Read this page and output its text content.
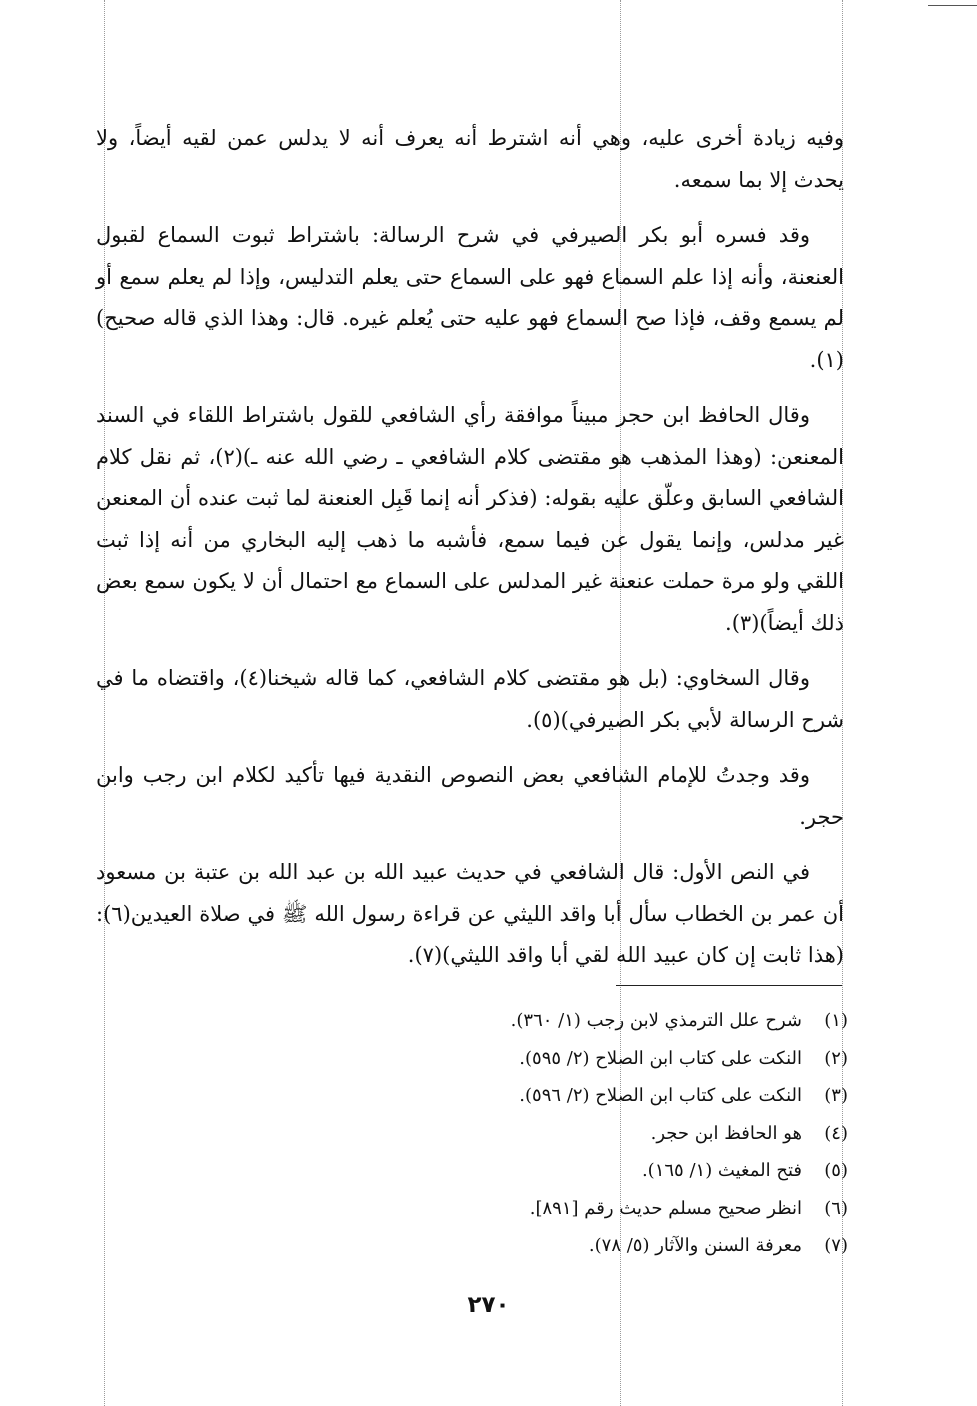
وفيه زيادة أخرى عليه، وهي أنه اشترط أنه يعرف أنه لا يدلس عمن لقيه أيضاً، ولا يحدث إلا بما سمعه.

وقد فسره أبو بكر الصيرفي في شرح الرسالة: باشتراط ثبوت السماع لقبول العنعنة، وأنه إذا علم السماع فهو على السماع حتى يعلم التدليس، وإذا لم يعلم سمع أو لم يسمع وقف، فإذا صح السماع فهو عليه حتى يُعلم غيره. قال: وهذا الذي قاله صحيح)(١).

وقال الحافظ ابن حجر مبيناً موافقة رأي الشافعي للقول باشتراط اللقاء في السند المعنعن: (وهذا المذهب هو مقتضى كلام الشافعي ـ رضي الله عنه ـ)(٢)، ثم نقل كلام الشافعي السابق وعلّق عليه بقوله: (فذكر أنه إنما قَبِل العنعنة لما ثبت عنده أن المعنعن غير مدلس، وإنما يقول عن فيما سمع، فأشبه ما ذهب إليه البخاري من أنه إذا ثبت اللقي ولو مرة حملت عنعنة غير المدلس على السماع مع احتمال أن لا يكون سمع بعض ذلك أيضاً)(٣).

وقال السخاوي: (بل هو مقتضى كلام الشافعي، كما قاله شيخنا(٤)، واقتضاه ما في شرح الرسالة لأبي بكر الصيرفي)(٥).

وقد وجدتُ للإمام الشافعي بعض النصوص النقدية فيها تأكيد لكلام ابن رجب وابن حجر.

في النص الأول: قال الشافعي في حديث عبيد الله بن عبد الله بن عتبة بن مسعود أن عمر بن الخطاب سأل أبا واقد الليثي عن قراءة رسول الله ﷺ في صلاة العيدين(٦): (هذا ثابت إن كان عبيد الله لقي أبا واقد الليثي)(٧).

(١)
شرح علل الترمذي لابن رجب (١/ ٣٦٠).
(٢)
النكت على كتاب ابن الصلاح (٢/ ٥٩٥).
(٣)
النكت على كتاب ابن الصلاح (٢/ ٥٩٦).
(٤)
هو الحافظ ابن حجر.
(٥)
فتح المغيث (١/ ١٦٥).
(٦)
انظر صحيح مسلم حديث رقم [٨٩١].
(٧)
معرفة السنن والآثار (٥/ ٧٨).
٢٧٠
